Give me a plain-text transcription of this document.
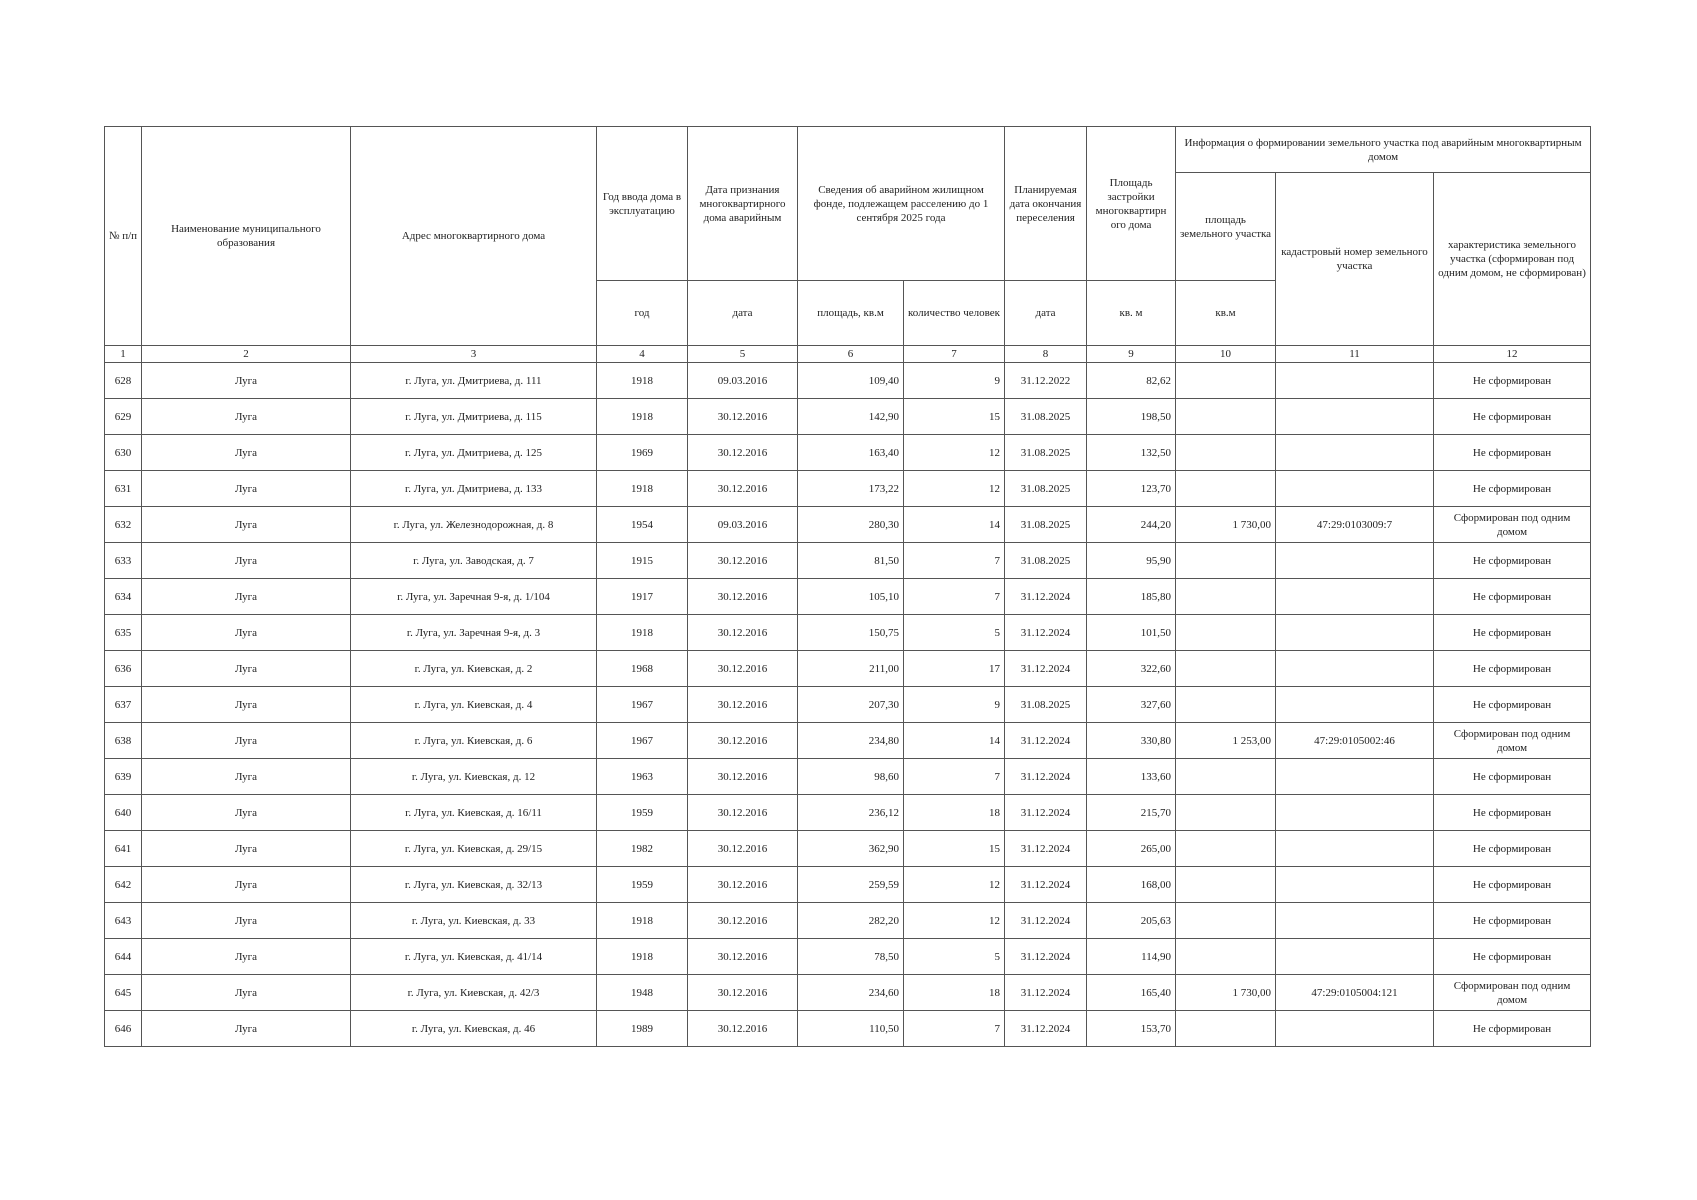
№ п/п	Наименование муниципального образования	Адрес многоквартирного дома	Год ввода дома в эксплуатацию	Дата признания многоквартирного дома аварийным	Сведения об аварийном жилищном фонде, подлежащем расселению до 1 сентября 2025 года		Планируемая дата окончания переселения	Площадь застройки многоквартирн ого дома	Информация о формировании земельного участка под аварийным многоквартирным домом		
									площадь земельного участка	кадастровый номер земельного участка	характеристика земельного участка (сформирован под одним домом, не сформирован)
			год	дата	площадь, кв.м	количество человек	дата	кв. м	кв.м		
1	2	3	4	5	6	7	8	9	10	11	12
628	Луга	г. Луга, ул. Дмитриева, д. 111	1918	09.03.2016	109,40	9	31.12.2022	82,62			Не сформирован
629	Луга	г. Луга, ул. Дмитриева, д. 115	1918	30.12.2016	142,90	15	31.08.2025	198,50			Не сформирован
630	Луга	г. Луга, ул. Дмитриева, д. 125	1969	30.12.2016	163,40	12	31.08.2025	132,50			Не сформирован
631	Луга	г. Луга, ул. Дмитриева, д. 133	1918	30.12.2016	173,22	12	31.08.2025	123,70			Не сформирован
632	Луга	г. Луга, ул. Железнодорожная, д. 8	1954	09.03.2016	280,30	14	31.08.2025	244,20	1 730,00	47:29:0103009:7	Сформирован под одним домом
633	Луга	г. Луга, ул. Заводская, д. 7	1915	30.12.2016	81,50	7	31.08.2025	95,90			Не сформирован
634	Луга	г. Луга, ул. Заречная 9-я, д. 1/104	1917	30.12.2016	105,10	7	31.12.2024	185,80			Не сформирован
635	Луга	г. Луга, ул. Заречная 9-я, д. 3	1918	30.12.2016	150,75	5	31.12.2024	101,50			Не сформирован
636	Луга	г. Луга, ул. Киевская, д. 2	1968	30.12.2016	211,00	17	31.12.2024	322,60			Не сформирован
637	Луга	г. Луга, ул. Киевская, д. 4	1967	30.12.2016	207,30	9	31.08.2025	327,60			Не сформирован
638	Луга	г. Луга, ул. Киевская, д. 6	1967	30.12.2016	234,80	14	31.12.2024	330,80	1 253,00	47:29:0105002:46	Сформирован под одним домом
639	Луга	г. Луга, ул. Киевская, д. 12	1963	30.12.2016	98,60	7	31.12.2024	133,60			Не сформирован
640	Луга	г. Луга, ул. Киевская, д. 16/11	1959	30.12.2016	236,12	18	31.12.2024	215,70			Не сформирован
641	Луга	г. Луга, ул. Киевская, д. 29/15	1982	30.12.2016	362,90	15	31.12.2024	265,00			Не сформирован
642	Луга	г. Луга, ул. Киевская, д. 32/13	1959	30.12.2016	259,59	12	31.12.2024	168,00			Не сформирован
643	Луга	г. Луга, ул. Киевская, д. 33	1918	30.12.2016	282,20	12	31.12.2024	205,63			Не сформирован
644	Луга	г. Луга, ул. Киевская, д. 41/14	1918	30.12.2016	78,50	5	31.12.2024	114,90			Не сформирован
645	Луга	г. Луга, ул. Киевская, д. 42/3	1948	30.12.2016	234,60	18	31.12.2024	165,40	1 730,00	47:29:0105004:121	Сформирован под одним домом
646	Луга	г. Луга, ул. Киевская, д. 46	1989	30.12.2016	110,50	7	31.12.2024	153,70			Не сформирован
